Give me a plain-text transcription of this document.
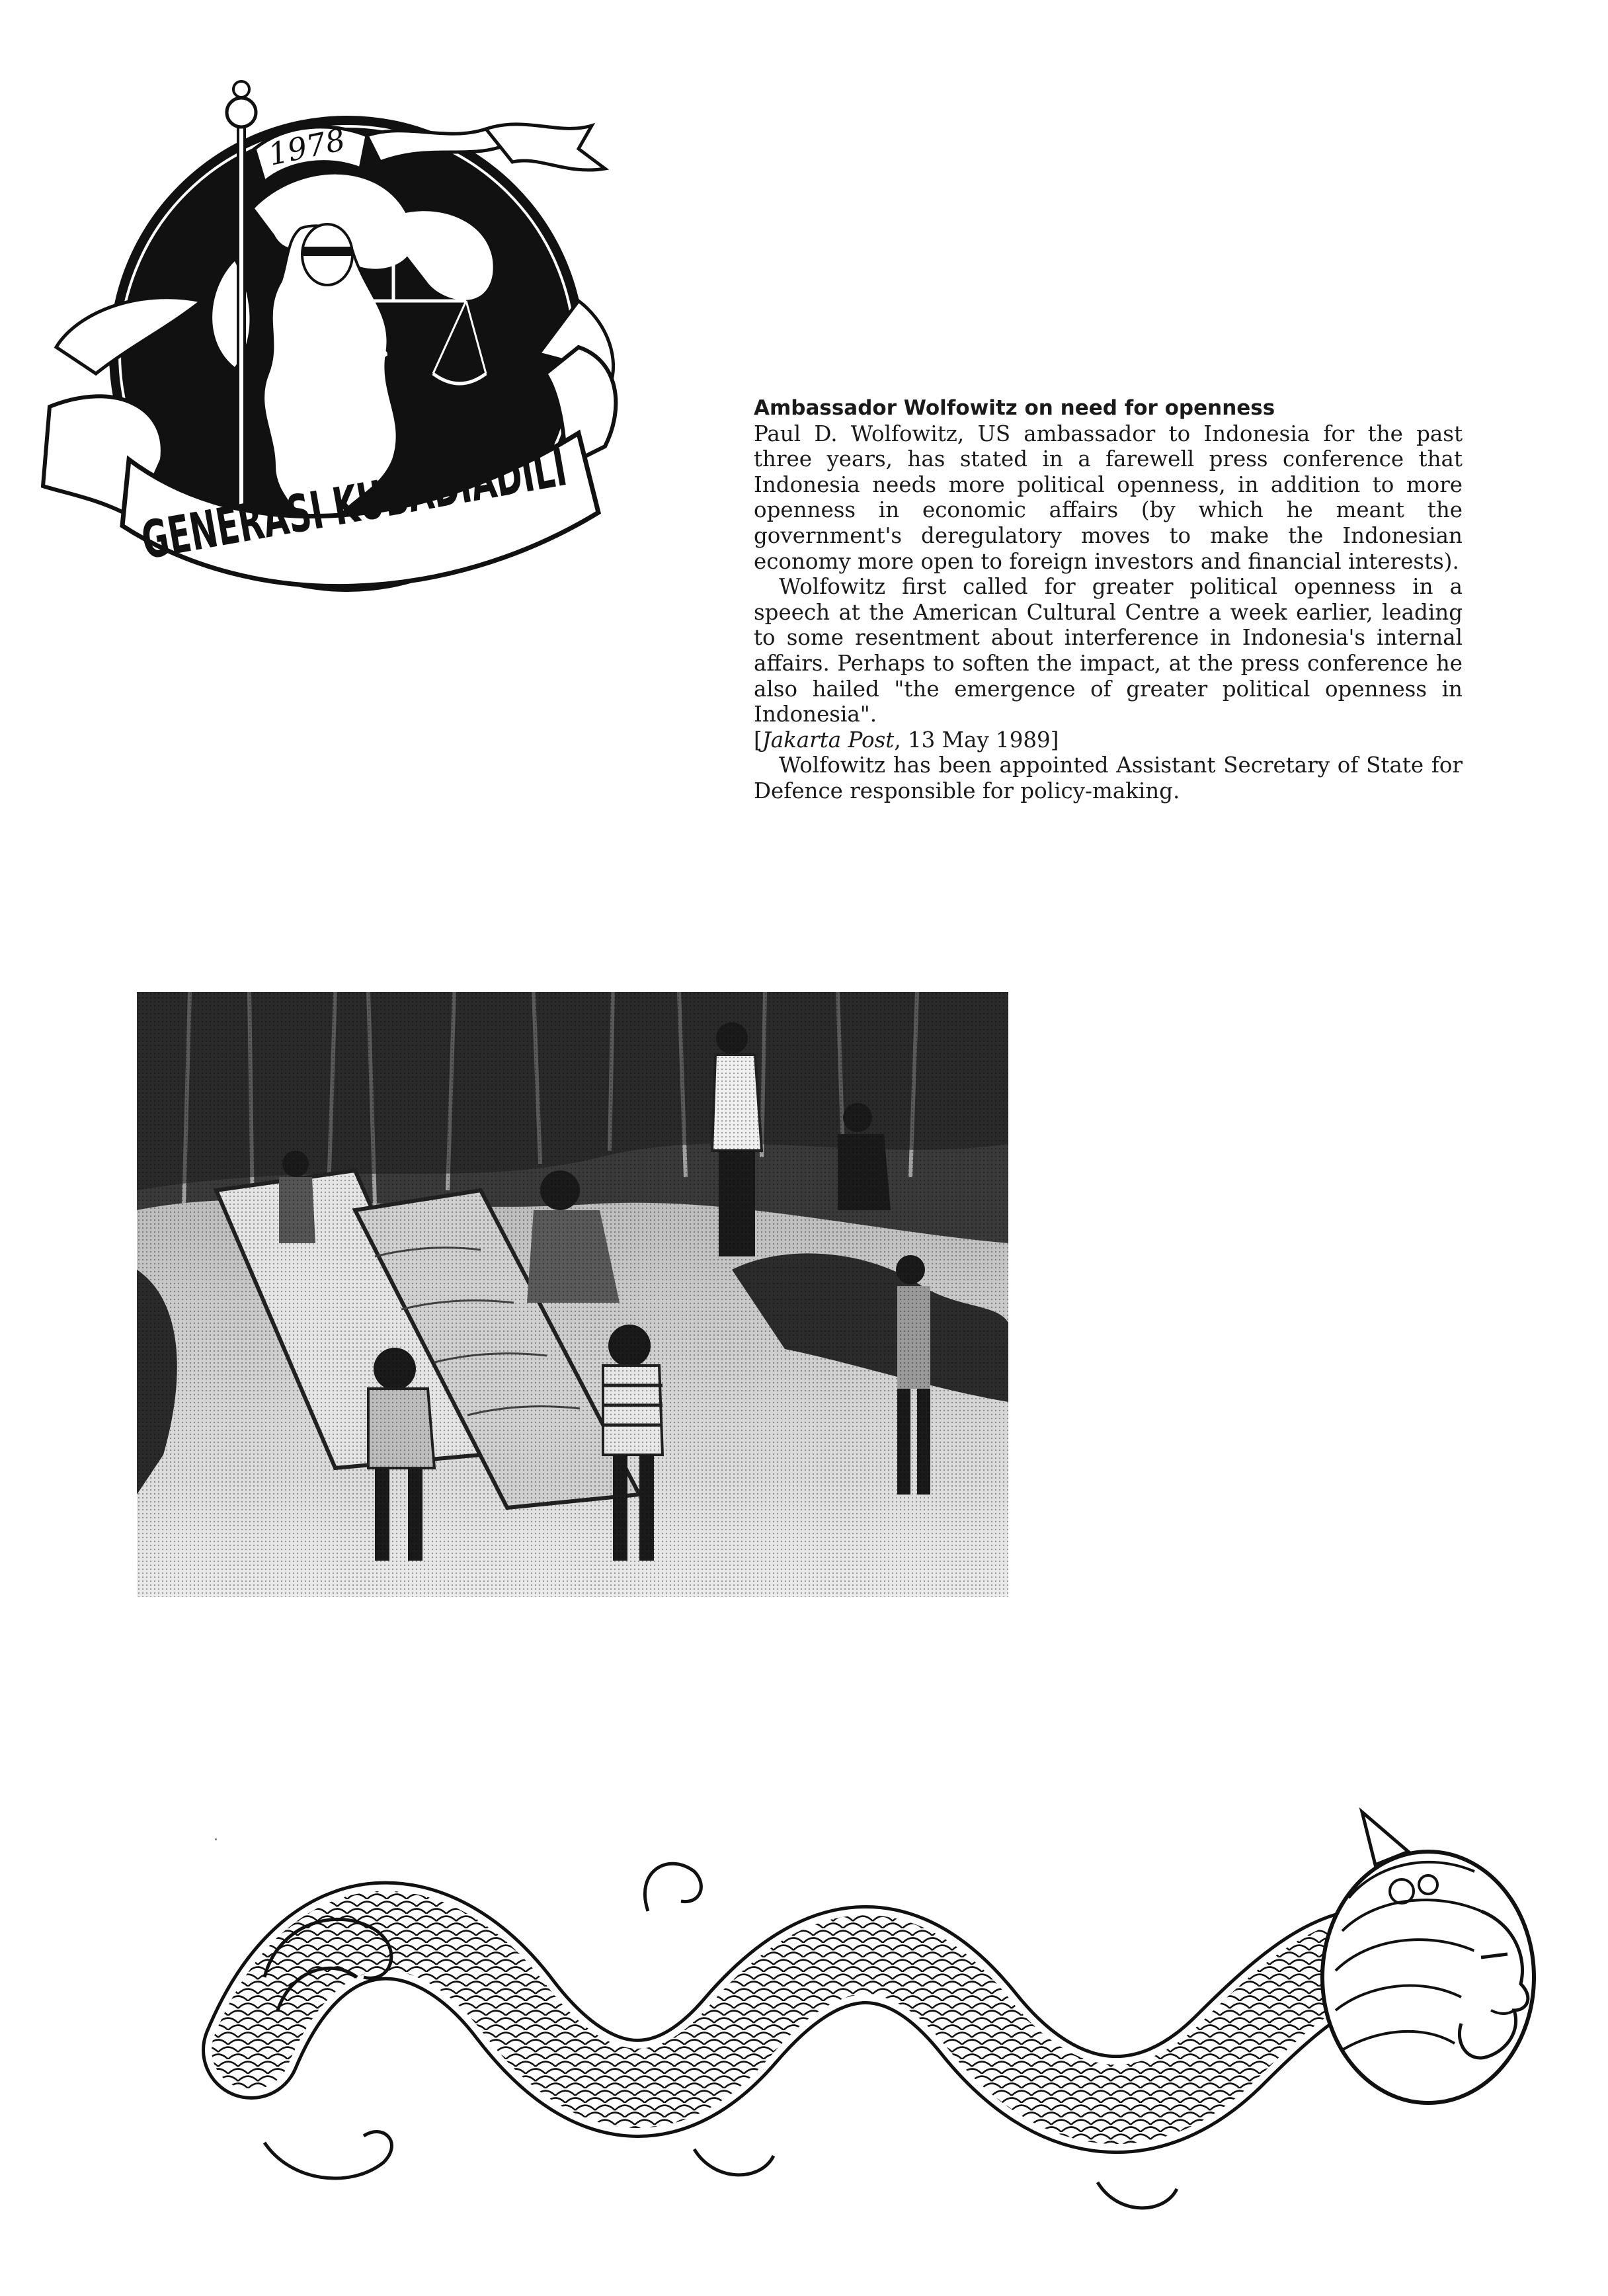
1978
GENERASI KUBADIADILI

Ambassador Wolfowitz on need for openness

Paul D. Wolfowitz, US ambassador to Indonesia for the past three years, has stated in a farewell press conference that Indonesia needs more political openness, in addition to more openness in economic affairs (by which he meant the government's deregulatory moves to make the Indonesian economy more open to foreign investors and financial interests).

Wolfowitz first called for greater political openness in a speech at the American Cultural Centre a week earlier, leading to some resentment about interference in Indonesia's internal affairs. Perhaps to soften the impact, at the press conference he also hailed "the emergence of greater political openness in Indonesia".

[Jakarta Post, 13 May 1989]

Wolfowitz has been appointed Assistant Secretary of State for Defence responsible for policy-making.
